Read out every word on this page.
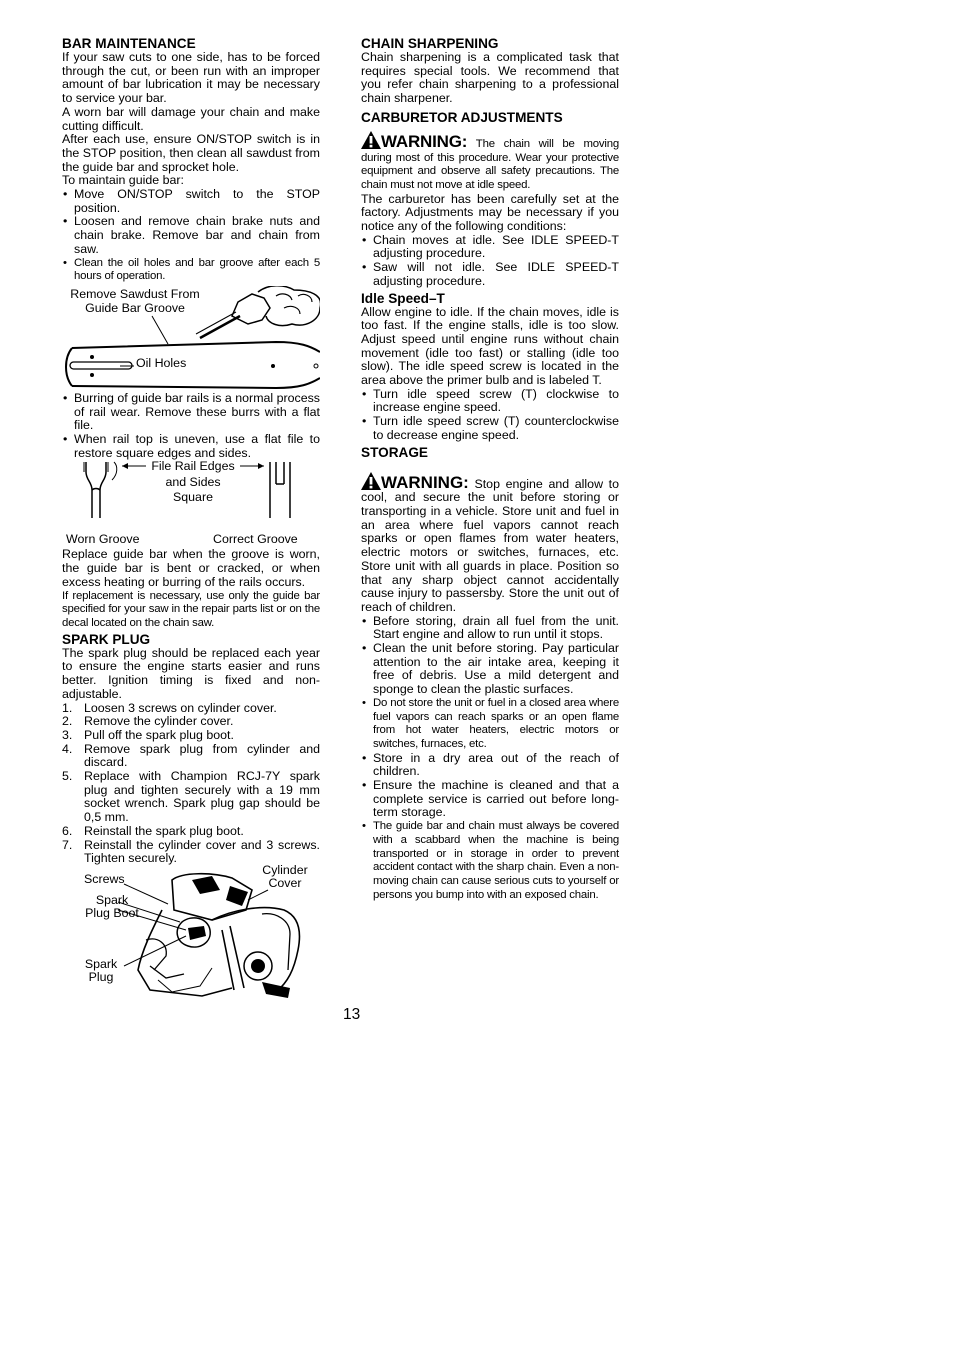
BAR MAINTENANCE

If your saw cuts to one side, has to be forced through the cut, or been run with an improper amount of bar lubrication it may be necessary to service your bar.

A worn bar will damage your chain and make cutting difficult.

After each use, ensure ON/STOP switch is in the STOP position, then clean all sawdust from the guide bar and sprocket hole.

To maintain guide bar:

• Move ON/STOP switch to the STOP position.
• Loosen and remove chain brake nuts and chain brake. Remove bar and chain from saw.
• Clean the oil holes and bar groove after each 5 hours of operation.
Remove Sawdust From Guide Bar Groove
Oil Holes
• Burring of guide bar rails is a normal process of rail wear. Remove these burrs with a flat file.
• When rail top is uneven, use a flat file to restore square edges and sides.
File Rail Edges and Sides Square
Worn Groove	Correct Groove

Replace guide bar when the groove is worn, the guide bar is bent or cracked, or when excess heating or burring of the rails occurs.

If replacement is necessary, use only the guide bar specified for your saw in the repair parts list or on the decal located on the chain saw.

SPARK PLUG

The spark plug should be replaced each year to ensure the engine starts easier and runs better. Ignition timing is fixed and non-adjustable.

1. Loosen 3 screws on cylinder cover.
2. Remove the cylinder cover.
3. Pull off the spark plug boot.
4. Remove spark plug from cylinder and discard.
5. Replace with Champion RCJ-7Y spark plug and tighten securely with a 19 mm socket wrench. Spark plug gap should be 0,5 mm.
6. Reinstall the spark plug boot.
7. Reinstall the cylinder cover and 3 screws. Tighten securely.
Screws
Cylinder Cover
Spark Plug Boot
Spark Plug
CHAIN SHARPENING

Chain sharpening is a complicated task that requires special tools. We recommend that you refer chain sharpening to a professional chain sharpener.

CARBURETOR ADJUSTMENTS

WARNING: The chain will be moving during most of this procedure. Wear your protective equipment and observe all safety precautions. The chain must not move at idle speed.

The carburetor has been carefully set at the factory. Adjustments may be necessary if you notice any of the following conditions:

• Chain moves at idle. See IDLE SPEED-T adjusting procedure.
• Saw will not idle. See IDLE SPEED-T adjusting procedure.
Idle Speed–T

Allow engine to idle. If the chain moves, idle is too fast. If the engine stalls, idle is too slow. Adjust speed until engine runs without chain movement (idle too fast) or stalling (idle too slow). The idle speed screw is located in the area above the primer bulb and is labeled T.

• Turn idle speed screw (T) clockwise to increase engine speed.
• Turn idle speed screw (T) counterclockwise to decrease engine speed.
STORAGE

WARNING: Stop engine and allow to cool, and secure the unit before storing or transporting in a vehicle. Store unit and fuel in an area where fuel vapors cannot reach sparks or open flames from water heaters, electric motors or switches, furnaces, etc. Store unit with all guards in place. Position so that any sharp object cannot accidentally cause injury to passersby. Store the unit out of reach of children.

• Before storing, drain all fuel from the unit. Start engine and allow to run until it stops.
• Clean the unit before storing. Pay particular attention to the air intake area, keeping it free of debris. Use a mild detergent and sponge to clean the plastic surfaces.
• Do not store the unit or fuel in a closed area where fuel vapors can reach sparks or an open flame from hot water heaters, electric motors or switches, furnaces, etc.
• Store in a dry area out of the reach of children.
• Ensure the machine is cleaned and that a complete service is carried out before long-term storage.
• The guide bar and chain must always be covered with a scabbard when the machine is being transported or in storage in order to prevent accident contact with the sharp chain. Even a non-moving chain can cause serious cuts to yourself or persons you bump into with an exposed chain.
13
